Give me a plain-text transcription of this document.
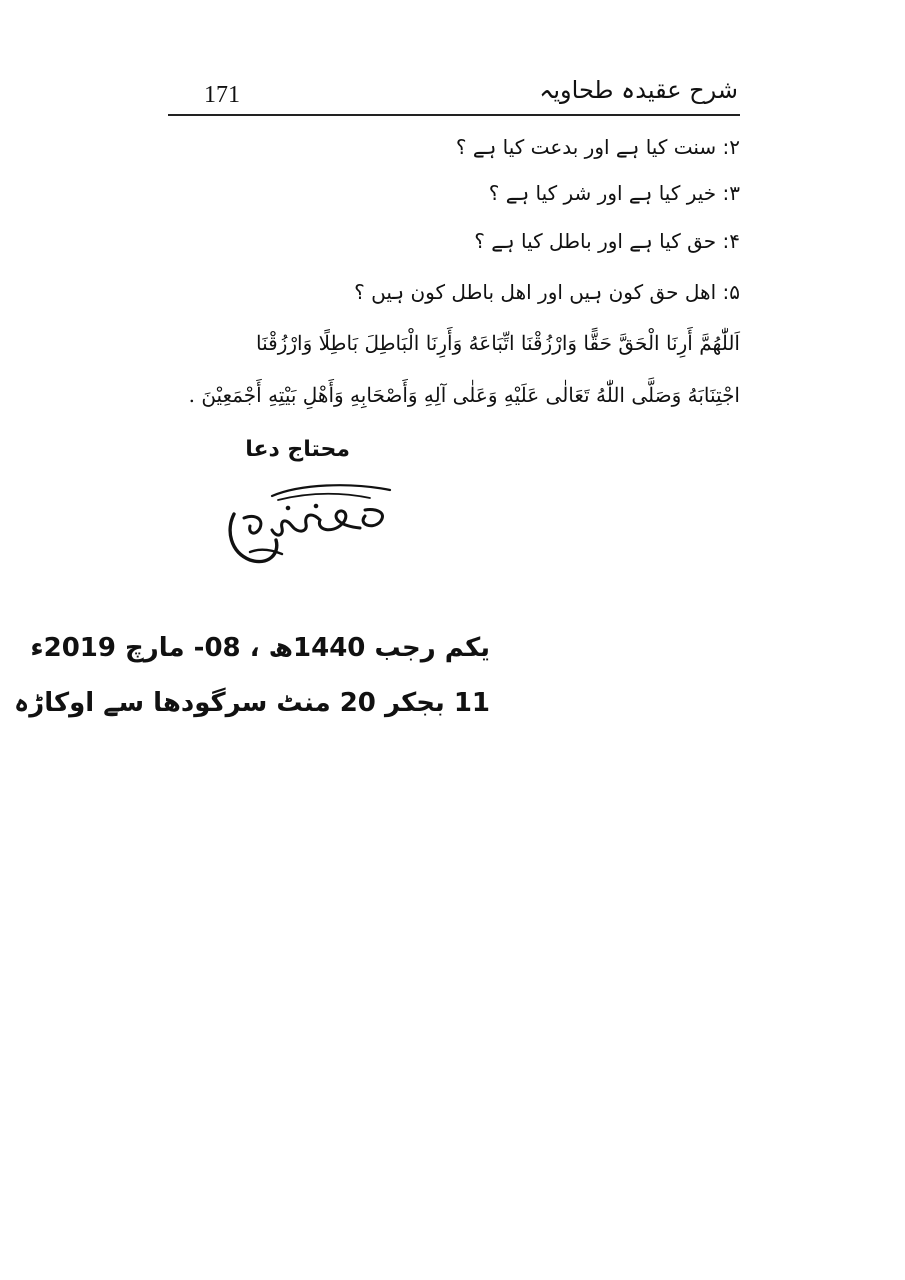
171	شرح عقیدہ طحاویہ
۲: سنت کیا ہے اور بدعت کیا ہے ؟
۳: خیر کیا ہے اور شر کیا ہے ؟
۴: حق کیا ہے اور باطل کیا ہے ؟
۵: اھل حق کون ہیں اور اھل باطل کون ہیں ؟
اَللّٰهُمَّ أَرِنَا الْحَقَّ حَقًّا وَارْزُقْنَا اتِّبَاعَهُ وَأَرِنَا الْبَاطِلَ بَاطِلًا وَارْزُقْنَا
اجْتِنَابَهُ وَصَلَّى اللّٰهُ تَعَالٰى عَلَيْهِ وَعَلٰى آلِهِ وَأَصْحَابِهِ وَأَهْلِ بَيْتِهِ أَجْمَعِيْنَ .
محتاج دعا
یکم رجب 1440ھ ، 08- مارچ 2019ء
11 بجکر 20 منٹ سرگودھا سے اوکاڑہ
